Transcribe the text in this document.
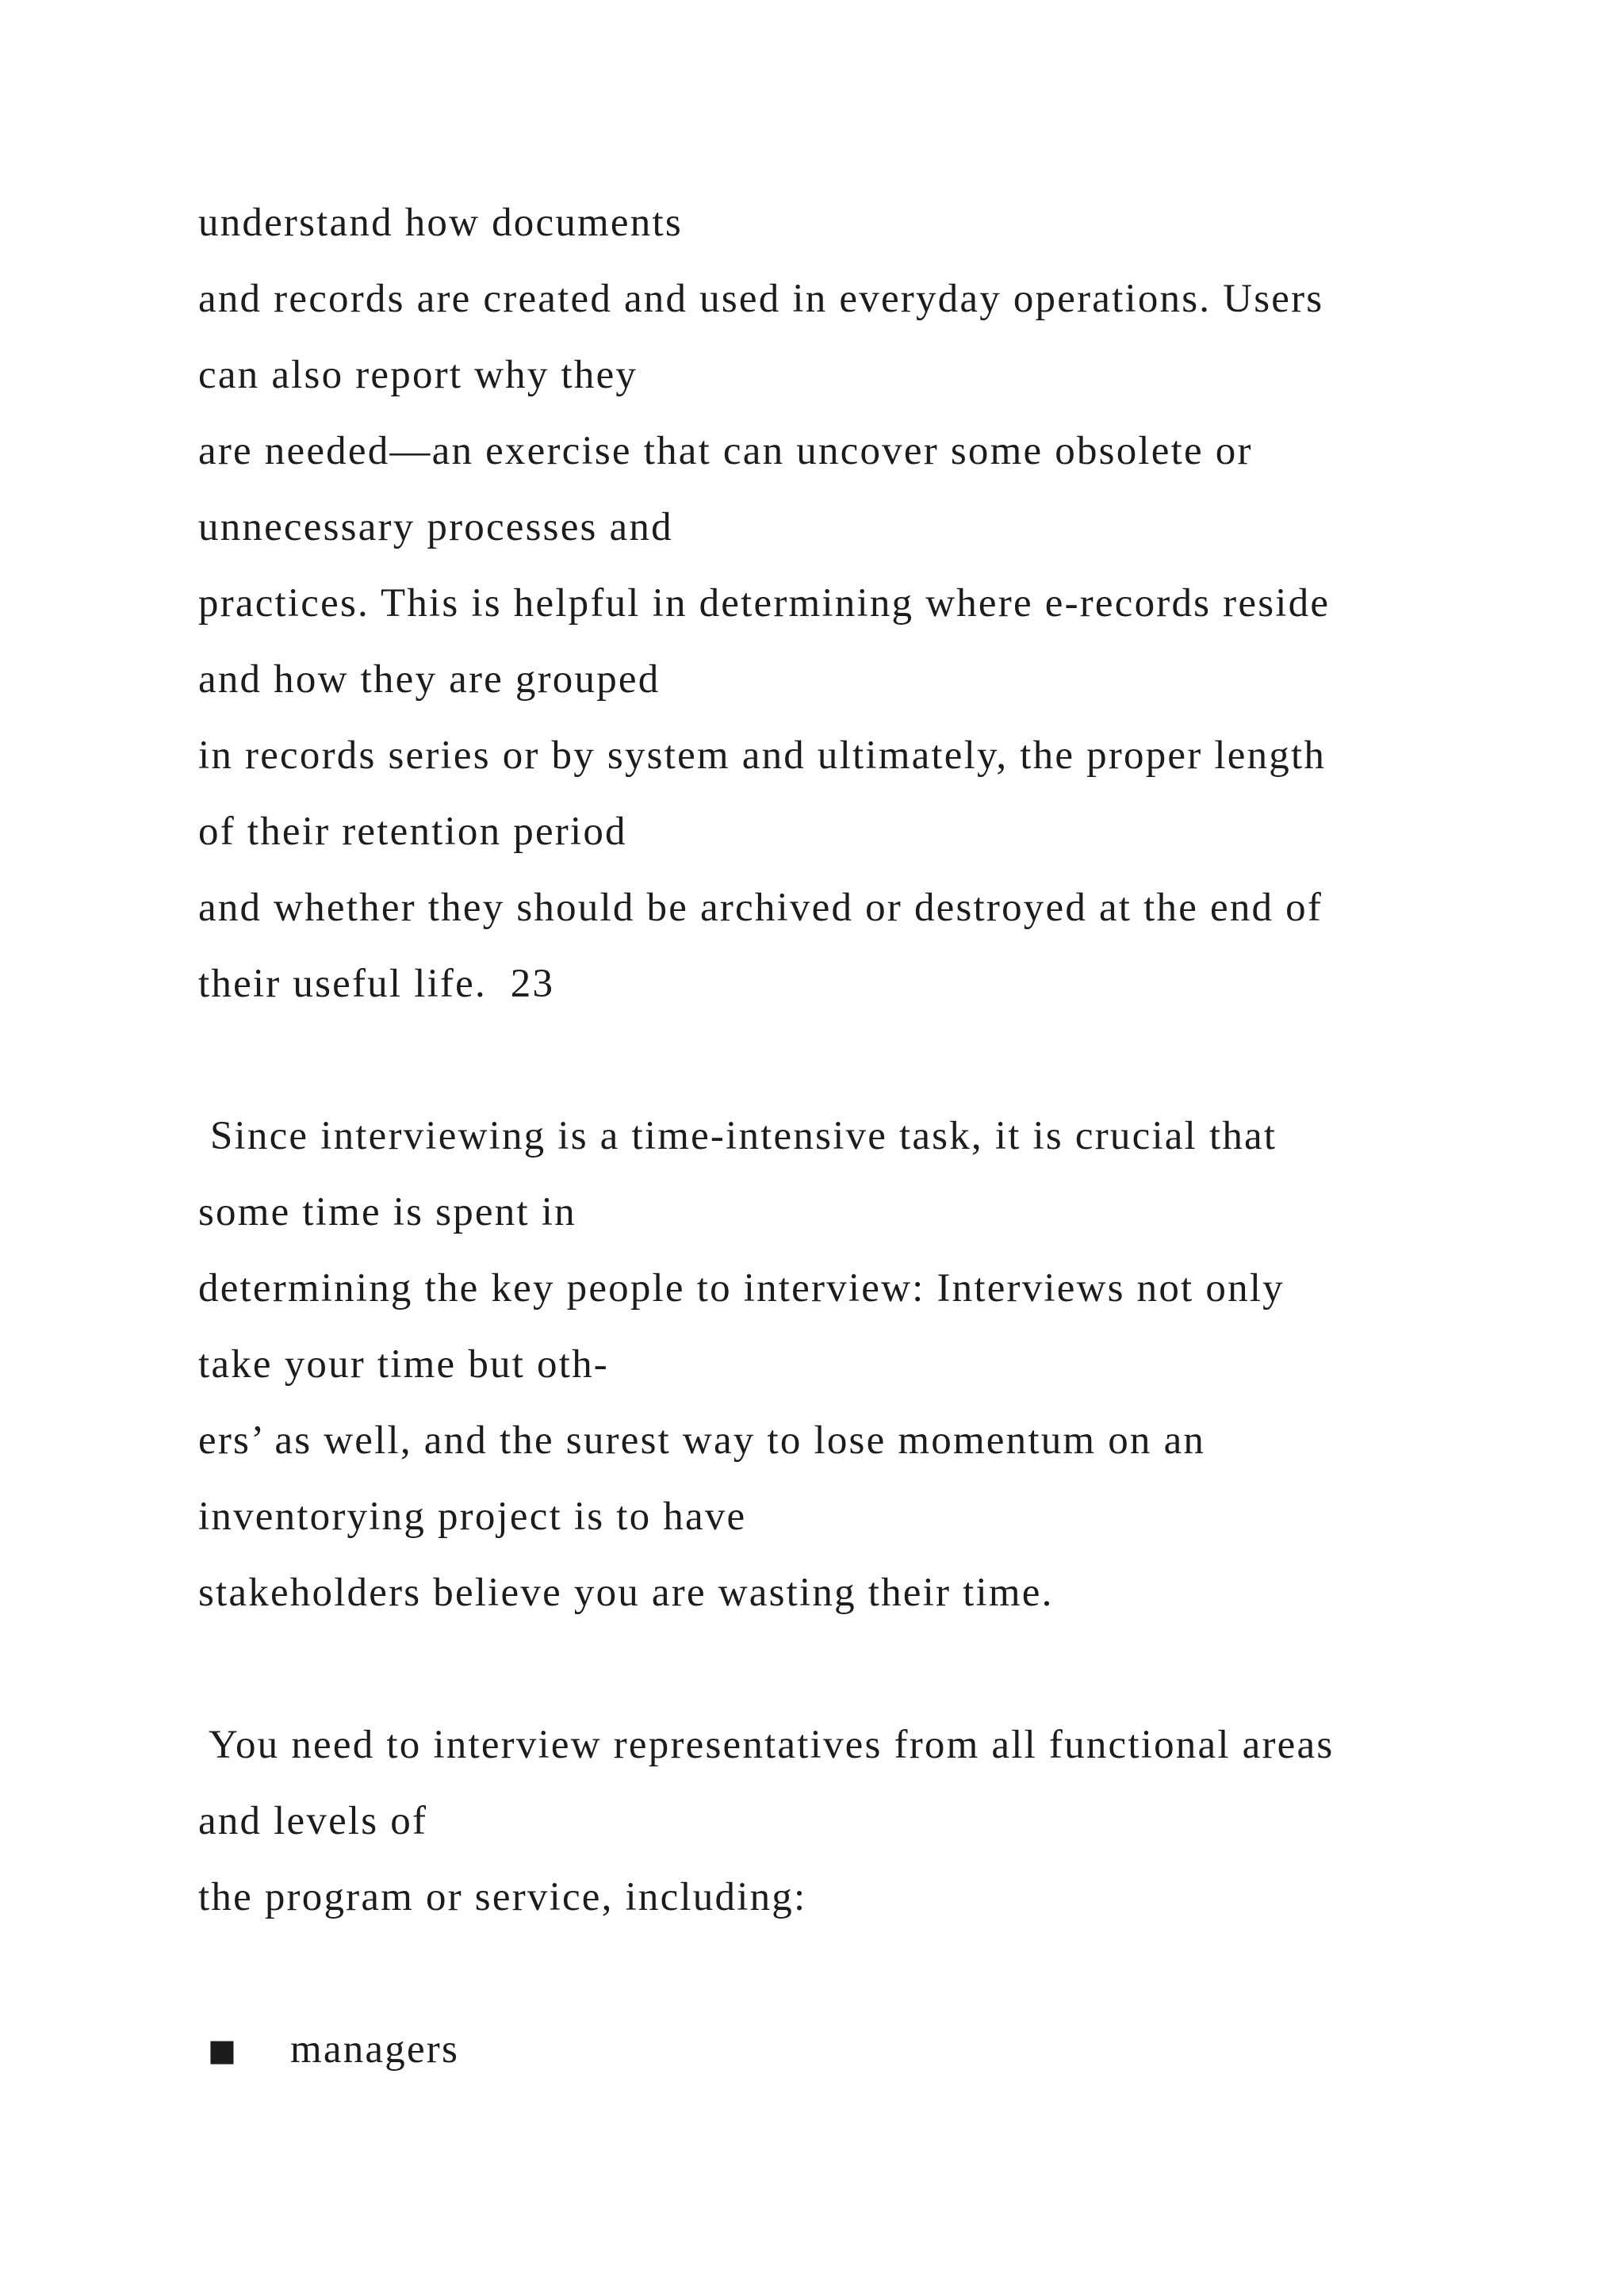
understand how documents

and records are created and used in everyday operations. Users

can also report why they

are needed—an exercise that can uncover some obsolete or

unnecessary processes and

practices. This is helpful in determining where e-records reside

and how they are grouped

in records series or by system and ultimately, the proper length

of their retention period

and whether they should be archived or destroyed at the end of

their useful life.  23

Since interviewing is a time-intensive task, it is crucial that

some time is spent in

determining the key people to interview: Interviews not only

take your time but oth-

ers’ as well, and the surest way to lose momentum on an

inventorying project is to have

stakeholders believe you are wasting their time.

You need to interview representatives from all functional areas

and levels of

the program or service, including:

■ managers
